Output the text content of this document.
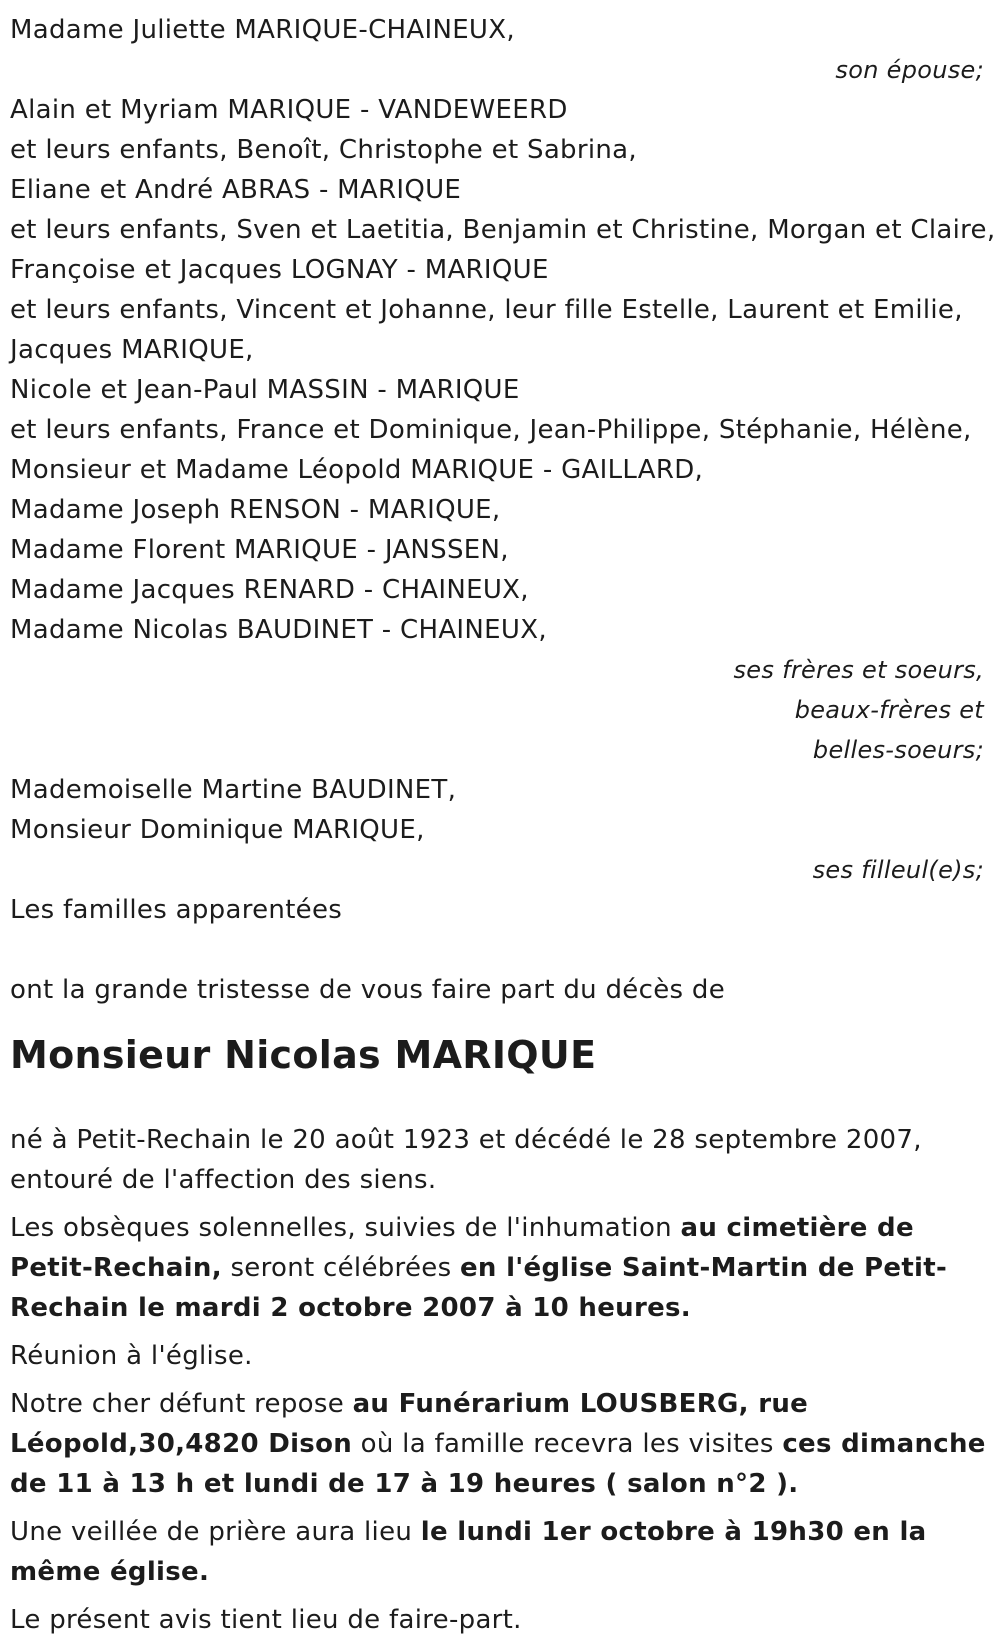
Madame Juliette MARIQUE-CHAINEUX,
son épouse;
Alain et Myriam MARIQUE - VANDEWEERD
et leurs enfants, Benoît, Christophe et Sabrina,
Eliane et André ABRAS - MARIQUE
et leurs enfants, Sven et Laetitia, Benjamin et Christine, Morgan et Claire,
Françoise et Jacques LOGNAY - MARIQUE
et leurs enfants, Vincent et Johanne, leur fille Estelle, Laurent et Emilie,
Jacques MARIQUE,
Nicole et Jean-Paul MASSIN - MARIQUE
et leurs enfants, France et Dominique, Jean-Philippe, Stéphanie, Hélène,
Monsieur et Madame Léopold MARIQUE - GAILLARD,
Madame Joseph RENSON - MARIQUE,
Madame Florent MARIQUE - JANSSEN,
Madame Jacques RENARD - CHAINEUX,
Madame Nicolas BAUDINET - CHAINEUX,
ses frères et soeurs,
beaux-frères et
belles-soeurs;
Mademoiselle Martine BAUDINET,
Monsieur Dominique MARIQUE,
ses filleul(e)s;
Les familles apparentées
ont la grande tristesse de vous faire part du décès de
Monsieur Nicolas MARIQUE
né à Petit-Rechain le 20 août 1923 et décédé le 28 septembre 2007,
entouré de l'affection des siens.

Les obsèques solennelles, suivies de l'inhumation au cimetière de Petit-Rechain, seront célébrées en l'église Saint-Martin de Petit-Rechain le mardi 2 octobre 2007 à 10 heures.

Réunion à l'église.

Notre cher défunt repose au Funérarium LOUSBERG, rue Léopold,30,4820 Dison où la famille recevra les visites ces dimanche de 11 à 13 h et lundi de 17 à 19 heures ( salon n°2 ).

Une veillée de prière aura lieu le lundi 1er octobre à 19h30 en la même église.

Le présent avis tient lieu de faire-part.
